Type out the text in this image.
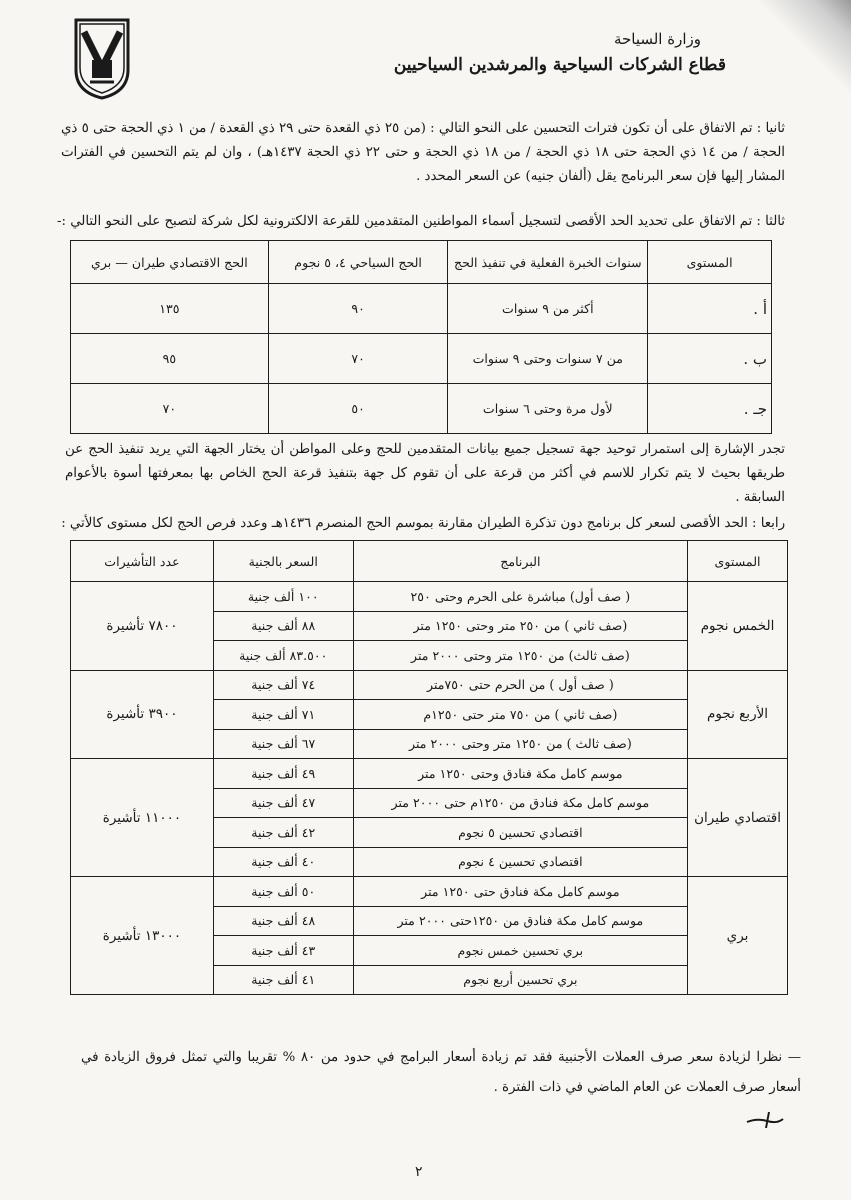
وزارة السياحة
قطاع الشركات السياحية والمرشدين السياحيين
ثانيا : تم الاتفاق على أن تكون فترات التحسين على النحو التالي : (من ٢٥ ذي القعدة حتى ٢٩ ذي القعدة / من ١ ذي الحجة حتى ٥ ذي الحجة / من ١٤ ذي الحجة حتى ١٨ ذي الحجة / من ١٨ ذي الحجة و حتى ٢٢ ذي الحجة ١٤٣٧هـ) ، وان لم يتم التحسين في الفترات المشار إليها فإن سعر البرنامج يقل (ألفان جنيه) عن السعر المحدد .
ثالثا : تم الاتفاق على تحديد الحد الأقصى لتسجيل أسماء المواطنين المتقدمين للقرعة الالكترونية لكل شركة لتصبح على النحو التالي :-
المستوى	سنوات الخبرة الفعلية في تنفيذ الحج	الحج السياحي ٤، ٥ نجوم	الحج الاقتصادي طيران — بري
أ .	أكثر من ٩ سنوات	٩٠	١٣٥
ب .	من ٧ سنوات وحتى ٩ سنوات	٧٠	٩٥
جـ .	لأول مرة وحتى ٦ سنوات	٥٠	٧٠
تجدر الإشارة إلى استمرار توحيد جهة تسجيل جميع بيانات المتقدمين للحج وعلى المواطن أن يختار الجهة التي يريد تنفيذ الحج عن طريقها بحيث لا يتم تكرار للاسم في أكثر من قرعة على أن تقوم كل جهة بتنفيذ قرعة الحج الخاص بها بمعرفتها أسوة بالأعوام السابقة .
رابعا : الحد الأقصى لسعر كل برنامج دون تذكرة الطيران مقارنة بموسم الحج المنصرم ١٤٣٦هـ وعدد فرص الحج لكل مستوى كالأتي :
المستوى	البرنامج	السعر بالجنية	عدد التأشيرات
الخمس نجوم	( صف أول) مباشرة على الحرم وحتى ٢٥٠	١٠٠ ألف جنية	٧٨٠٠ تأشيرة
	(صف ثاني ) من ٢٥٠ متر وحتى ١٢٥٠ متر	٨٨ ألف جنية	
	(صف ثالث) من ١٢٥٠ متر وحتى ٢٠٠٠ متر	٨٣.٥٠٠ ألف جنية	
الأربع نجوم	( صف أول ) من الحرم حتى ٧٥٠متر	٧٤ ألف جنية	٣٩٠٠ تأشيرة
	(صف ثاني ) من ٧٥٠ متر حتى ١٢٥٠م	٧١ ألف جنية	
	(صف ثالث ) من ١٢٥٠ متر وحتى ٢٠٠٠ متر	٦٧ ألف جنية	
اقتصادي طيران	موسم كامل مكة فنادق وحتى ١٢٥٠ متر	٤٩ ألف جنية	١١٠٠٠ تأشيرة
	موسم كامل مكة فنادق من ١٢٥٠م حتى ٢٠٠٠ متر	٤٧ ألف جنية	
	اقتصادي تحسين ٥ نجوم	٤٢ ألف جنية	
	اقتصادي تحسين ٤ نجوم	٤٠ ألف جنية	
بري	موسم كامل مكة فنادق حتى ١٢٥٠ متر	٥٠ ألف جنية	١٣٠٠٠ تأشيرة
	موسم كامل مكة فنادق من ١٢٥٠حتى ٢٠٠٠ متر	٤٨ ألف جنية	
	بري تحسين خمس نجوم	٤٣ ألف جنية	
	بري تحسين أربع نجوم	٤١ ألف جنية	
— نظرا لزيادة سعر صرف العملات الأجنبية فقد تم زيادة أسعار البرامج في حدود من ٨٠ % تقريبا والتي تمثل فروق الزيادة في أسعار صرف العملات عن العام الماضي في ذات الفترة .
٢
